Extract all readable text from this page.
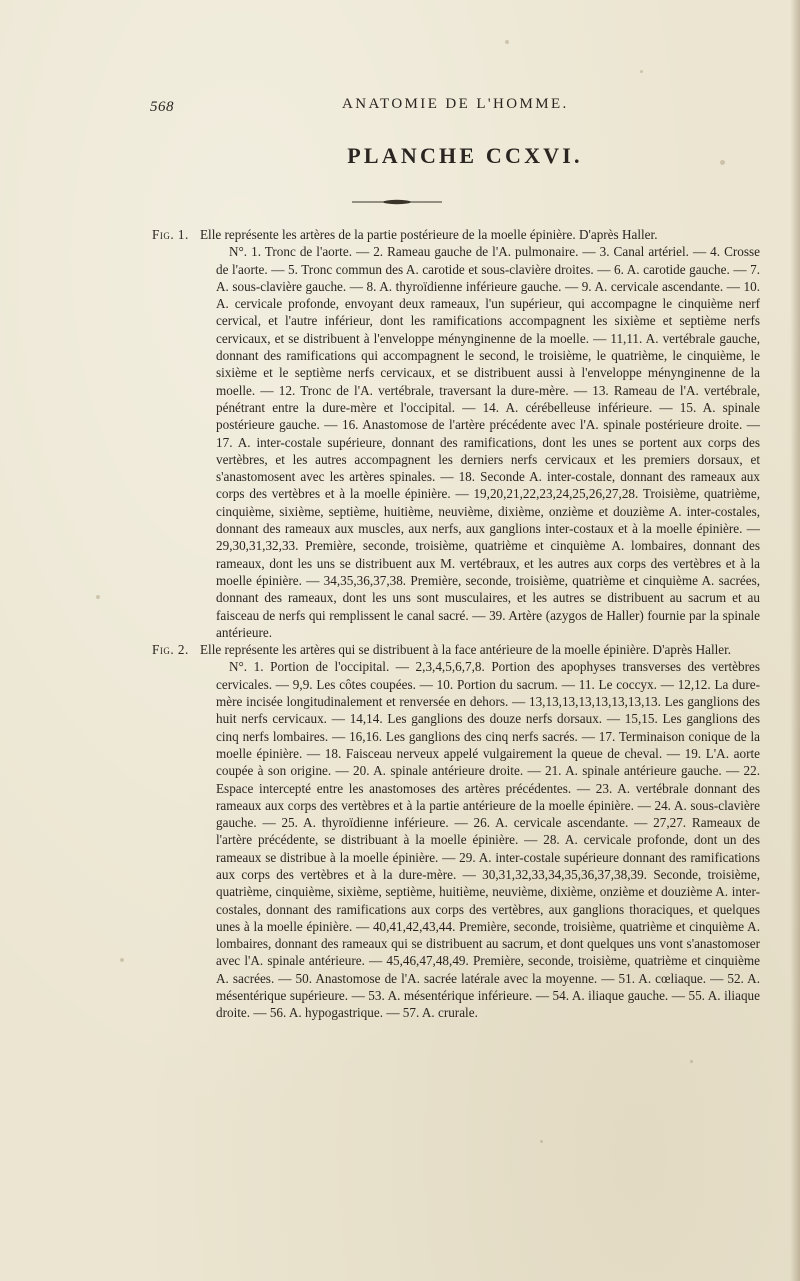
568	ANATOMIE DE L'HOMME.
PLANCHE CCXVI.
Fig. 1. Elle représente les artères de la partie postérieure de la moelle épinière. D'après Haller.
N°. 1. Tronc de l'aorte. — 2. Rameau gauche de l'A. pulmonaire. — 3. Canal artériel. — 4. Crosse de l'aorte. — 5. Tronc commun des A. carotide et sous-clavière droites. — 6. A. carotide gauche. — 7. A. sous-clavière gauche. — 8. A. thyroïdienne inférieure gauche. — 9. A. cervicale ascendante. — 10. A. cervicale profonde, envoyant deux rameaux, l'un supérieur, qui accompagne le cinquième nerf cervical, et l'autre inférieur, dont les ramifications accompagnent les sixième et septième nerfs cervicaux, et se distribuent à l'enveloppe ménynginenne de la moelle. — 11,11. A. vertébrale gauche, donnant des ramifications qui accompagnent le second, le troisième, le quatrième, le cinquième, le sixième et le septième nerfs cervicaux, et se distribuent aussi à l'enveloppe ménynginenne de la moelle. — 12. Tronc de l'A. vertébrale, traversant la dure-mère. — 13. Rameau de l'A. vertébrale, pénétrant entre la dure-mère et l'occipital. — 14. A. cérébelleuse inférieure. — 15. A. spinale postérieure gauche. — 16. Anastomose de l'artère précédente avec l'A. spinale postérieure droite. — 17. A. inter-costale supérieure, donnant des ramifications, dont les unes se portent aux corps des vertèbres, et les autres accompagnent les derniers nerfs cervicaux et les premiers dorsaux, et s'anastomosent avec les artères spinales. — 18. Seconde A. inter-costale, donnant des rameaux aux corps des vertèbres et à la moelle épinière. — 19,20,21,22,23,24,25,26,27,28. Troisième, quatrième, cinquième, sixième, septième, huitième, neuvième, dixième, onzième et douzième A. inter-costales, donnant des rameaux aux muscles, aux nerfs, aux ganglions inter-costaux et à la moelle épinière. — 29,30,31,32,33. Première, seconde, troisième, quatrième et cinquième A. lombaires, donnant des rameaux, dont les uns se distribuent aux M. vertébraux, et les autres aux corps des vertèbres et à la moelle épinière. — 34,35,36,37,38. Première, seconde, troisième, quatrième et cinquième A. sacrées, donnant des rameaux, dont les uns sont musculaires, et les autres se distribuent au sacrum et au faisceau de nerfs qui remplissent le canal sacré. — 39. Artère (azygos de Haller) fournie par la spinale antérieure.
Fig. 2. Elle représente les artères qui se distribuent à la face antérieure de la moelle épinière. D'après Haller.
N°. 1. Portion de l'occipital. — 2,3,4,5,6,7,8. Portion des apophyses transverses des vertèbres cervicales. — 9,9. Les côtes coupées. — 10. Portion du sacrum. — 11. Le coccyx. — 12,12. La dure-mère incisée longitudinalement et renversée en dehors. — 13,13,13,13,13,13,13,13. Les ganglions des huit nerfs cervicaux. — 14,14. Les ganglions des douze nerfs dorsaux. — 15,15. Les ganglions des cinq nerfs lombaires. — 16,16. Les ganglions des cinq nerfs sacrés. — 17. Terminaison conique de la moelle épinière. — 18. Faisceau nerveux appelé vulgairement la queue de cheval. — 19. L'A. aorte coupée à son origine. — 20. A. spinale antérieure droite. — 21. A. spinale antérieure gauche. — 22. Espace intercepté entre les anastomoses des artères précédentes. — 23. A. vertébrale donnant des rameaux aux corps des vertèbres et à la partie antérieure de la moelle épinière. — 24. A. sous-clavière gauche. — 25. A. thyroïdienne inférieure. — 26. A. cervicale ascendante. — 27,27. Rameaux de l'artère précédente, se distribuant à la moelle épinière. — 28. A. cervicale profonde, dont un des rameaux se distribue à la moelle épinière. — 29. A. inter-costale supérieure donnant des ramifications aux corps des vertèbres et à la dure-mère. — 30,31,32,33,34,35,36,37,38,39. Seconde, troisième, quatrième, cinquième, sixième, septième, huitième, neuvième, dixième, onzième et douzième A. inter-costales, donnant des ramifications aux corps des vertèbres, aux ganglions thoraciques, et quelques unes à la moelle épinière. — 40,41,42,43,44. Première, seconde, troisième, quatrième et cinquième A. lombaires, donnant des rameaux qui se distribuent au sacrum, et dont quelques uns vont s'anastomoser avec l'A. spinale antérieure. — 45,46,47,48,49. Première, seconde, troisième, quatrième et cinquième A. sacrées. — 50. Anastomose de l'A. sacrée latérale avec la moyenne. — 51. A. cœliaque. — 52. A. mésentérique supérieure. — 53. A. mésentérique inférieure. — 54. A. iliaque gauche. — 55. A. iliaque droite. — 56. A. hypogastrique. — 57. A. crurale.
